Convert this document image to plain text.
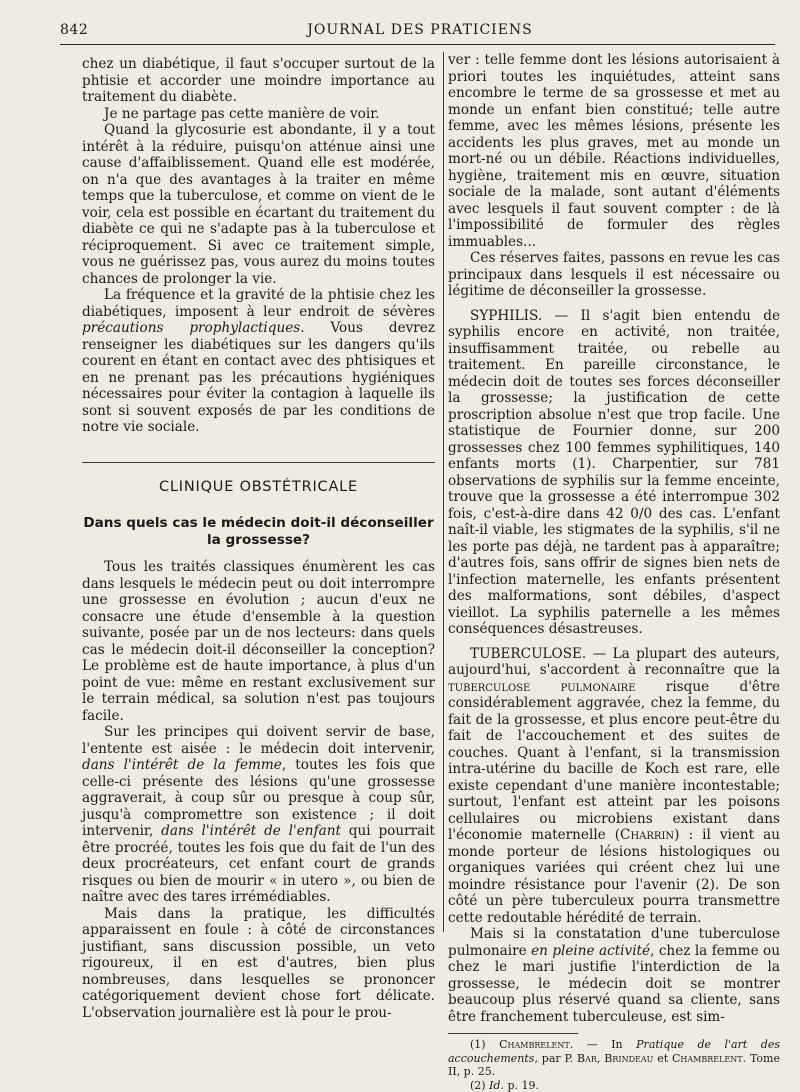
842	JOURNAL DES PRATICIENS

chez un diabétique, il faut s'occuper surtout de la phtisie et accorder une moindre importance au traitement du diabète.

Je ne partage pas cette manière de voir.

Quand la glycosurie est abondante, il y a tout intérêt à la réduire, puisqu'on atténue ainsi une cause d'affaiblissement. Quand elle est modérée, on n'a que des avantages à la traiter en même temps que la tuberculose, et comme on vient de le voir, cela est possible en écartant du traitement du diabète ce qui ne s'adapte pas à la tuberculose et réciproquement. Si avec ce traitement simple, vous ne guérissez pas, vous aurez du moins toutes chances de prolonger la vie.

La fréquence et la gravité de la phtisie chez les diabétiques, imposent à leur endroit de sévères précautions prophylactiques. Vous devrez renseigner les diabétiques sur les dangers qu'ils courent en étant en contact avec des phtisiques et en ne prenant pas les précautions hygiéniques nécessaires pour éviter la contagion à laquelle ils sont si souvent exposés de par les conditions de notre vie sociale.

CLINIQUE OBSTÉTRICALE
Dans quels cas le médecin doit-il déconseiller
la grossesse?

Tous les traités classiques énumèrent les cas dans lesquels le médecin peut ou doit interrompre une grossesse en évolution ; aucun d'eux ne consacre une étude d'ensemble à la question suivante, posée par un de nos lecteurs: dans quels cas le médecin doit-il déconseiller la conception? Le problème est de haute importance, à plus d'un point de vue: même en restant exclusivement sur le terrain médical, sa solution n'est pas toujours facile.

Sur les principes qui doivent servir de base, l'entente est aisée : le médecin doit intervenir, dans l'intérêt de la femme, toutes les fois que celle-ci présente des lésions qu'une grossesse aggraverait, à coup sûr ou presque à coup sûr, jusqu'à compromettre son existence ; il doit intervenir, dans l'intérêt de l'enfant qui pourrait être procréé, toutes les fois que du fait de l'un des deux procréateurs, cet enfant court de grands risques ou bien de mourir « in utero », ou bien de naître avec des tares irrémédiables.

Mais dans la pratique, les difficultés apparaissent en foule : à côté de circonstances justifiant, sans discussion possible, un veto rigoureux, il en est d'autres, bien plus nombreuses, dans lesquelles se prononcer catégoriquement devient chose fort délicate. L'observation journalière est là pour le prou-

ver : telle femme dont les lésions autorisaient à priori toutes les inquiétudes, atteint sans encombre le terme de sa grossesse et met au monde un enfant bien constitué; telle autre femme, avec les mêmes lésions, présente les accidents les plus graves, met au monde un mort-né ou un débile. Réactions individuelles, hygiène, traitement mis en œuvre, situation sociale de la malade, sont autant d'éléments avec lesquels il faut souvent compter : de là l'impossibilité de formuler des règles immuables...

Ces réserves faites, passons en revue les cas principaux dans lesquels il est nécessaire ou légitime de déconseiller la grossesse.

SYPHILIS. — Il s'agit bien entendu de syphilis encore en activité, non traitée, insuffisamment traitée, ou rebelle au traitement. En pareille circonstance, le médecin doit de toutes ses forces déconseiller la grossesse; la justification de cette proscription absolue n'est que trop facile. Une statistique de Fournier donne, sur 200 grossesses chez 100 femmes syphilitiques, 140 enfants morts (1). Charpentier, sur 781 observations de syphilis sur la femme enceinte, trouve que la grossesse a été interrompue 302 fois, c'est-à-dire dans 42 0/0 des cas. L'enfant naît-il viable, les stigmates de la syphilis, s'il ne les porte pas déjà, ne tardent pas à apparaître; d'autres fois, sans offrir de signes bien nets de l'infection maternelle, les enfants présentent des malformations, sont débiles, d'aspect vieillot. La syphilis paternelle a les mêmes conséquences désastreuses.

TUBERCULOSE. — La plupart des auteurs, aujourd'hui, s'accordent à reconnaître que la tuberculose pulmonaire risque d'être considérablement aggravée, chez la femme, du fait de la grossesse, et plus encore peut-être du fait de l'accouchement et des suites de couches. Quant à l'enfant, si la transmission intra-utérine du bacille de Koch est rare, elle existe cependant d'une manière incontestable; surtout, l'enfant est atteint par les poisons cellulaires ou microbiens existant dans l'économie maternelle (Charrin) : il vient au monde porteur de lésions histologiques ou organiques variées qui créent chez lui une moindre résistance pour l'avenir (2). De son côté un père tuberculeux pourra transmettre cette redoutable hérédité de terrain.

Mais si la constatation d'une tuberculose pulmonaire en pleine activité, chez la femme ou chez le mari justifie l'interdiction de la grossesse, le médecin doit se montrer beaucoup plus réservé quand sa cliente, sans être franchement tuberculeuse, est sim-

(1) Chambrelent. — In Pratique de l'art des accouchements, par P. Bar, Brindeau et Chambrelent. Tome II, p. 25.

(2) Id. p. 19.
